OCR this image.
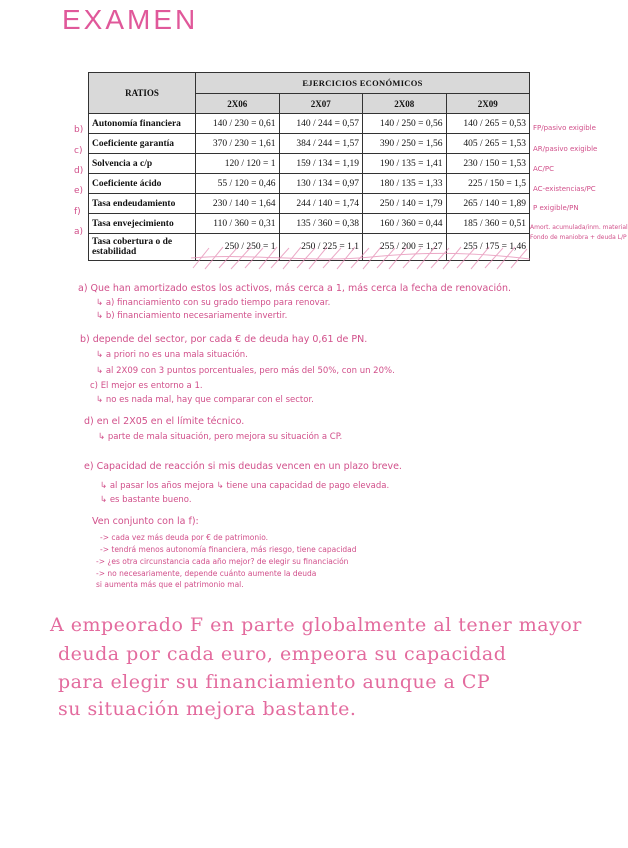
EXAMEN
RATIOS	EJERCICIOS ECONÓMICOS			
	2X06	2X07	2X08	2X09
Autonomía financiera	140 / 230 = 0,61	140 / 244 = 0,57	140 / 250 = 0,56	140 / 265 = 0,53
Coeficiente garantía	370 / 230 = 1,61	384 / 244 = 1,57	390 / 250 = 1,56	405 / 265 = 1,53
Solvencia a c/p	120 / 120 = 1	159 / 134 = 1,19	190 / 135 = 1,41	230 / 150 = 1,53
Coeficiente ácido	55 / 120 = 0,46	130 / 134 = 0,97	180 / 135 = 1,33	225 / 150 = 1,5
Tasa endeudamiento	230 / 140 = 1,64	244 / 140 = 1,74	250 / 140 = 1,79	265 / 140 = 1,89
Tasa envejecimiento	110 / 360 = 0,31	135 / 360 = 0,38	160 / 360 = 0,44	185 / 360 = 0,51
Tasa cobertura o de estabilidad	250 / 250 = 1	250 / 225 = 1,1	255 / 200 = 1,27	255 / 175 = 1,46
b)
c)
d)
e)
f)
a)
FP/pasivo exigible
AR/pasivo exigible
AC/PC
AC-existencias/PC
P exigible/PN
Amort. acumulada/inm. material
Fondo de maniobra + deuda L/P
a) Que han amortizado estos los activos, más cerca a 1, más cerca la fecha de renovación.
↳ a) financiamiento con su grado tiempo para renovar.
↳ b) financiamiento necesariamente invertir.
b) depende del sector, por cada € de deuda hay 0,61 de PN.
↳ a priori no es una mala situación.
↳ al 2X09 con 3 puntos porcentuales, pero más del 50%, con un 20%.
c) El mejor es entorno a 1.
↳ no es nada mal, hay que comparar con el sector.
d) en el 2X05 en el límite técnico.
↳ parte de mala situación, pero mejora su situación a CP.
e) Capacidad de reacción si mis deudas vencen en un plazo breve.
↳ al pasar los años mejora ↳ tiene una capacidad de pago elevada.
↳ es bastante bueno.
Ven conjunto con la f):
-> cada vez más deuda por € de patrimonio.
-> tendrá menos autonomía financiera, más riesgo, tiene capacidad
-> ¿es otra circunstancia cada año mejor? de elegir su financiación
-> no necesariamente, depende cuánto aumente la deuda
si aumenta más que el patrimonio mal.
A empeorado F en parte globalmente al tener mayor
deuda por cada euro, empeora su capacidad
para elegir su financiamiento aunque a CP
su situación mejora bastante.
